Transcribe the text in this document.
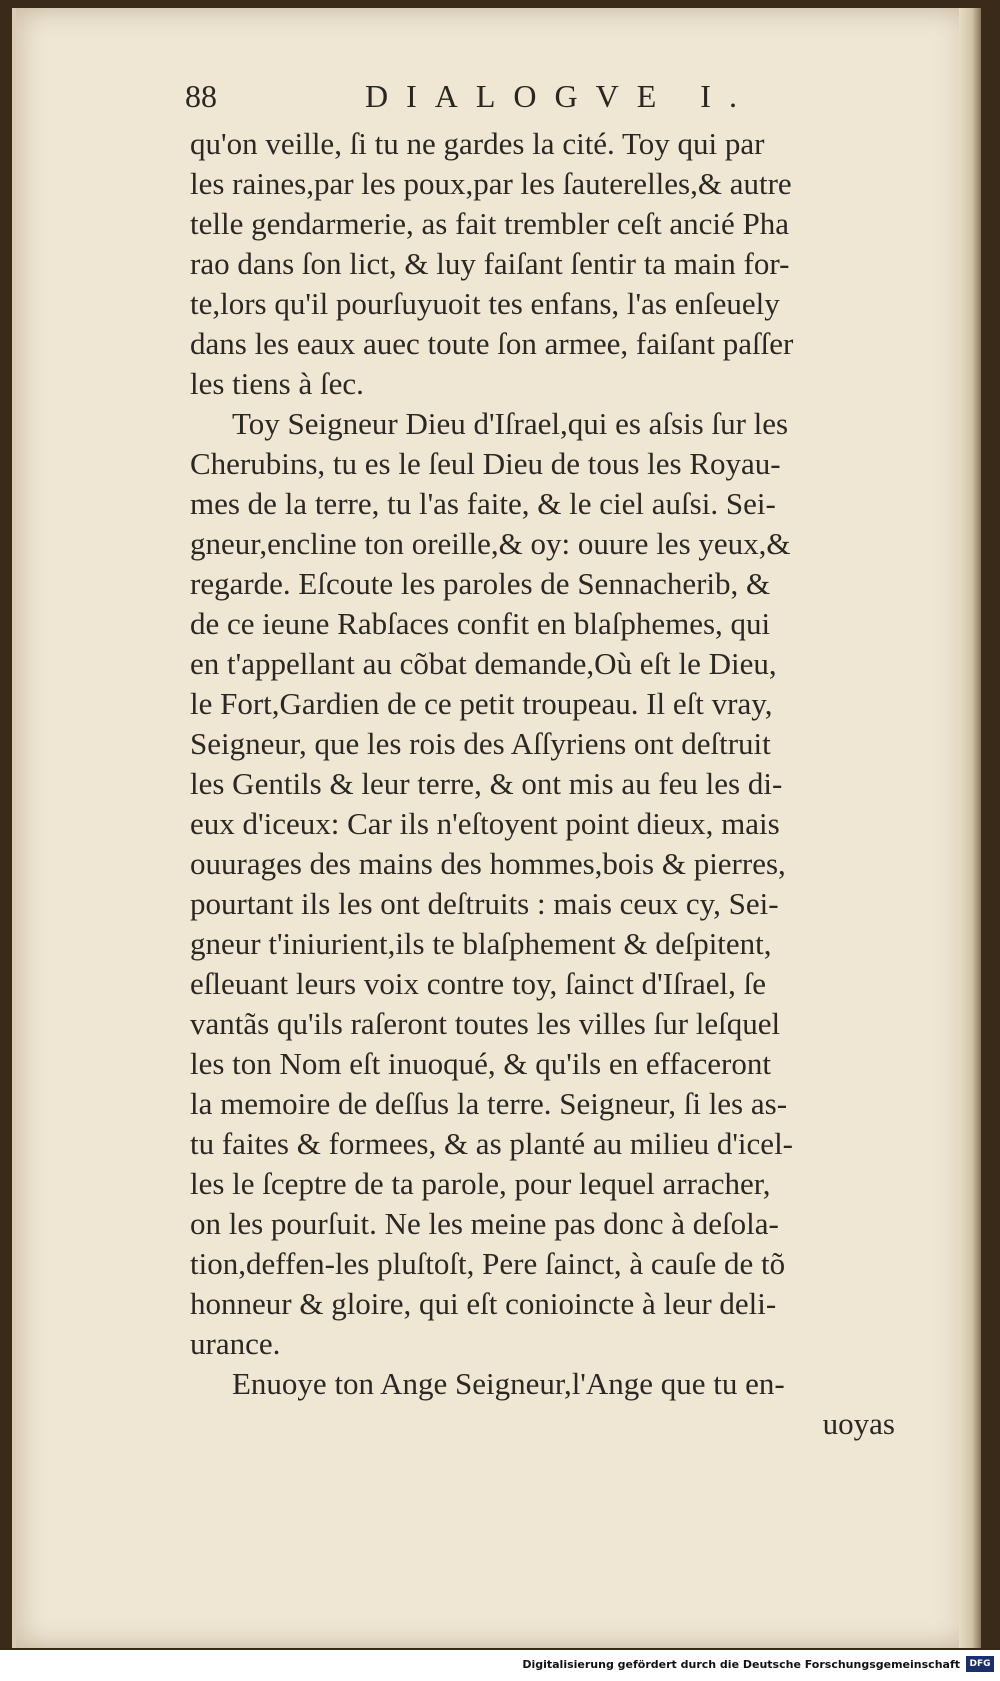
88	DIALOGVE I.
qu'on veille, ſi tu ne gardes la cité. Toy qui par
les raines,par les poux,par les ſauterelles,& autre
telle gendarmerie, as fait trembler ceſt ancié Pha
rao dans ſon lict, & luy faiſant ſentir ta main for-
te,lors qu'il pourſuyuoit tes enfans, l'as enſeuely
dans les eaux auec toute ſon armee, faiſant paſſer
les tiens à ſec.
Toy Seigneur Dieu d'Iſrael,qui es aſsis ſur les
Cherubins, tu es le ſeul Dieu de tous les Royau-
mes de la terre, tu l'as faite, & le ciel auſsi. Sei-
gneur,encline ton oreille,& oy: ouure les yeux,&
regarde. Eſcoute les paroles de Sennacherib, &
de ce ieune Rabſaces confit en blaſphemes, qui
en t'appellant au cõbat demande,Où eſt le Dieu,
le Fort,Gardien de ce petit troupeau. Il eſt vray,
Seigneur, que les rois des Aſſyriens ont deſtruit
les Gentils & leur terre, & ont mis au feu les di-
eux d'iceux: Car ils n'eſtoyent point dieux, mais
ouurages des mains des hommes,bois & pierres,
pourtant ils les ont deſtruits : mais ceux cy, Sei-
gneur t'iniurient,ils te blaſphement & deſpitent,
eſleuant leurs voix contre toy, ſainct d'Iſrael, ſe
vantãs qu'ils raſeront toutes les villes ſur leſquel
les ton Nom eſt inuoqué, & qu'ils en effaceront
la memoire de deſſus la terre. Seigneur, ſi les as-
tu faites & formees, & as planté au milieu d'icel-
les le ſceptre de ta parole, pour lequel arracher,
on les pourſuit. Ne les meine pas donc à deſola-
tion,deffen-les pluſtoſt, Pere ſainct, à cauſe de tõ
honneur & gloire, qui eſt conioincte à leur deli-
urance.
Enuoye ton Ange Seigneur,l'Ange que tu en-
uoyas
Digitalisierung gefördert durch die Deutsche Forschungsgemeinschaft	DFG
